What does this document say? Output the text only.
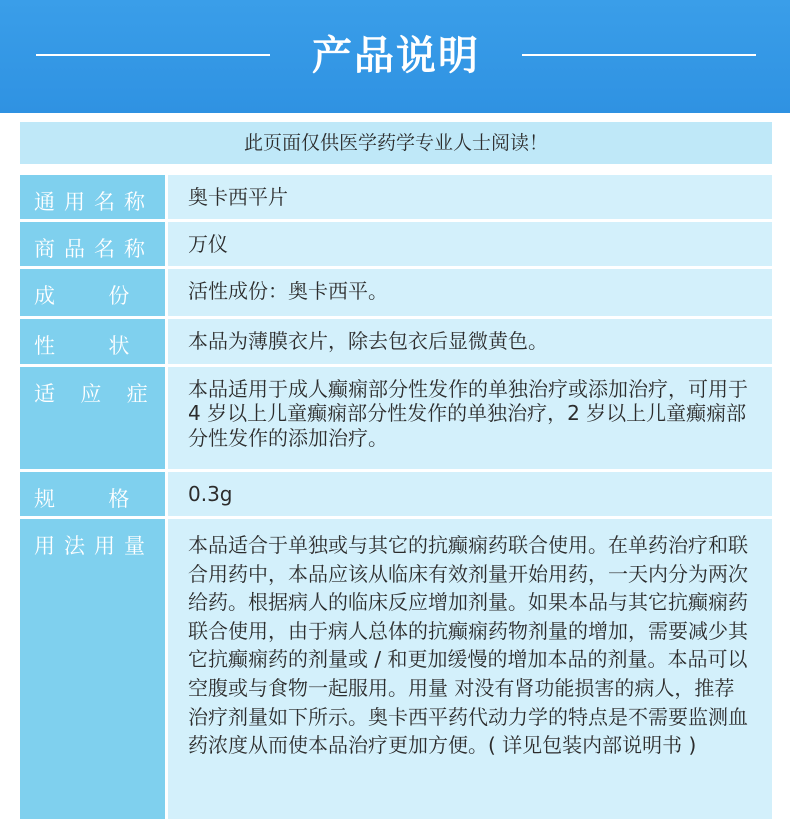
产品说明
此页面仅供医学药学专业人士阅读！
通用名称 奥卡西平片
商品名称 万仪
成        份	活性成份：奥卡西平。
性        状	本品为薄膜衣片，除去包衣后显微黄色。
适  应  症 本品适用于成人癫痫部分性发作的单独治疗或添加治疗，可用于 4 岁以上儿童癫痫部分性发作的单独治疗，2 岁以上儿童癫痫部分性发作的添加治疗。
规        格	0.3g
用法用量 本品适合于单独或与其它的抗癫痫药联合使用。在单药治疗和联合用药中，本品应该从临床有效剂量开始用药，一天内分为两次给药。根据病人的临床反应增加剂量。如果本品与其它抗癫痫药联合使用，由于病人总体的抗癫痫药物剂量的增加，需要减少其它抗癫痫药的剂量或 / 和更加缓慢的增加本品的剂量。本品可以空腹或与食物一起服用。用量 对没有肾功能损害的病人，推荐治疗剂量如下所示。奥卡西平药代动力学的特点是不需要监测血药浓度从而使本品治疗更加方便。( 详见包装内部说明书 )
